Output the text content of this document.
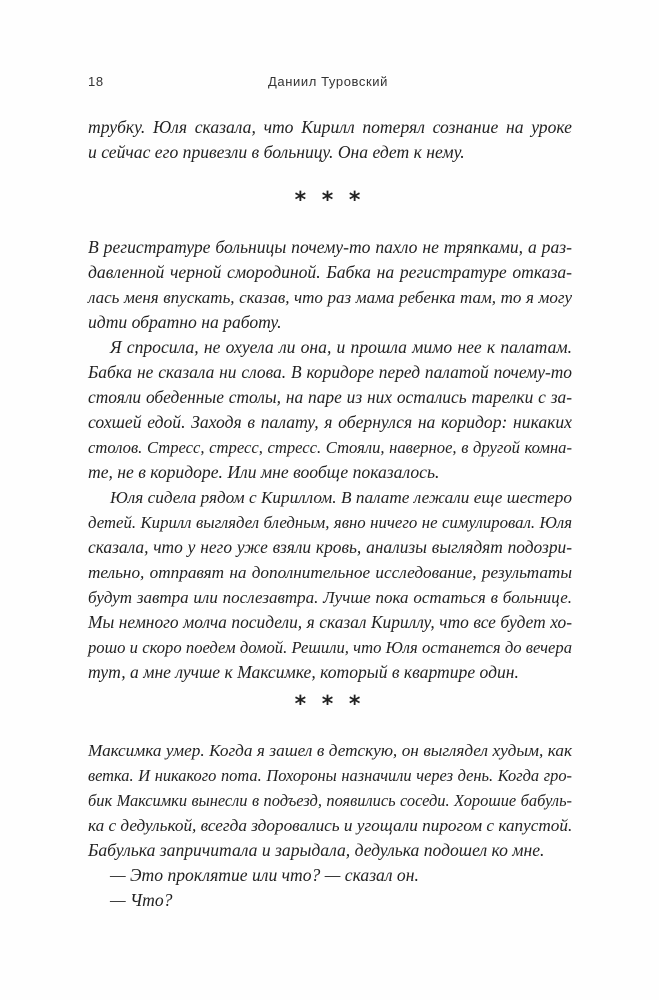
18	Даниил Туровский
трубку. Юля сказала, что Кирилл потерял сознание на уроке
и сейчас его привезли в больницу. Она едет к нему.
* * *
В регистратуре больницы почему-то пахло не тряпками, а раз-
давленной черной смородиной. Бабка на регистратуре отказа-
лась меня впускать, сказав, что раз мама ребенка там, то я могу
идти обратно на работу.
Я спросила, не охуела ли она, и прошла мимо нее к палатам.
Бабка не сказала ни слова. В коридоре перед палатой почему-то
стояли обеденные столы, на паре из них остались тарелки с за-
сохшей едой. Заходя в палату, я обернулся на коридор: никаких
столов. Стресс, стресс, стресс. Стояли, наверное, в другой комна-
те, не в коридоре. Или мне вообще показалось.
Юля сидела рядом с Кириллом. В палате лежали еще шестеро
детей. Кирилл выглядел бледным, явно ничего не симулировал. Юля
сказала, что у него уже взяли кровь, анализы выглядят подозри-
тельно, отправят на дополнительное исследование, результаты
будут завтра или послезавтра. Лучше пока остаться в больнице.
Мы немного молча посидели, я сказал Кириллу, что все будет хо-
рошо и скоро поедем домой. Решили, что Юля останется до вечера
тут, а мне лучше к Максимке, который в квартире один.
* * *
Максимка умер. Когда я зашел в детскую, он выглядел худым, как
ветка. И никакого пота. Похороны назначили через день. Когда гро-
бик Максимки вынесли в подъезд, появились соседи. Хорошие бабуль-
ка с дедулькой, всегда здоровались и угощали пирогом с капустой.
Бабулька запричитала и зарыдала, дедулька подошел ко мне.
— Это проклятие или что? — сказал он.
— Что?
